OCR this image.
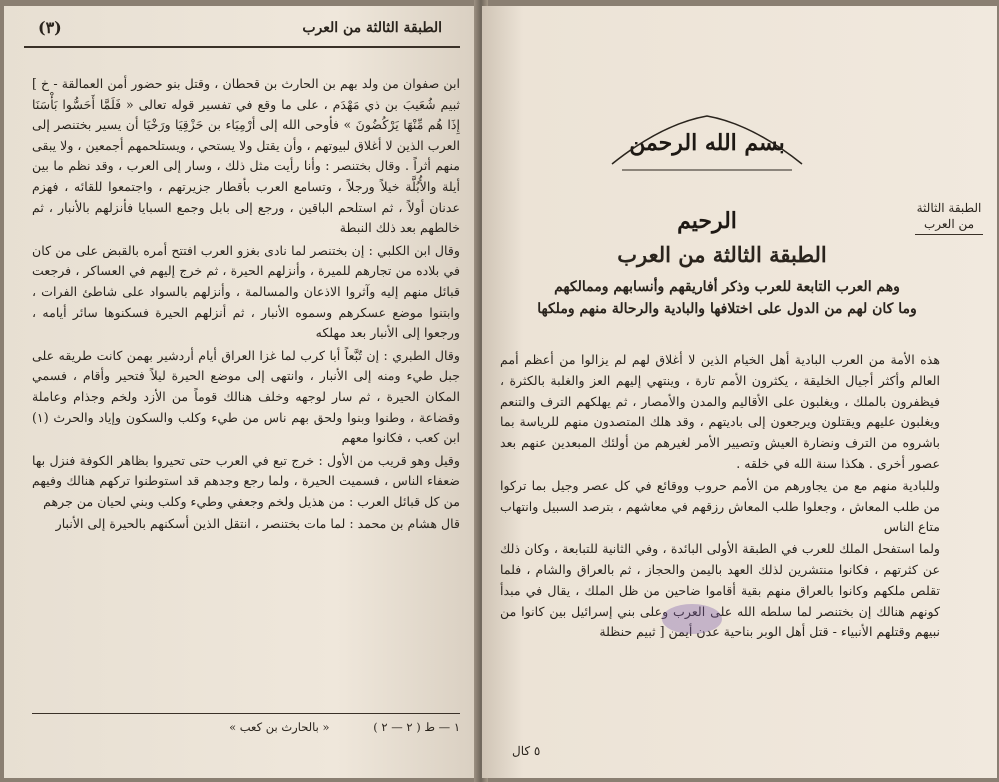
الطبقة الثالثة من العرب
(٣)

ابن صفوان من ولد بهم بن الحارث بن قحطان ، وقتل بنو حضور أمن العمالقة - خ ] ثبيم شُعَيبَ بن ذي مَهْدَم ، على ما وقع في تفسير قوله تعالى « فَلَمَّا أَحَسُّوا بَأْسَنَا إِذَا هُم مِّنْهَا يَرْكُضُونَ » فأوحى الله إلى أرْمِيَاء بن حَزْقِيَا ورَخْيَا أن يسير بختنصر إلى العرب الذين لا أغلاق لبيوتهم ، وأن يقتل ولا يستحي ، ويستلحمهم أجمعين ، ولا يبقى منهم أثراً . وقال بختنصر : وأنا رأيت مثل ذلك ، وسار إلى العرب ، وقد نظم ما بين أيلة والأُبُلَّة خيلاً ورجلاً ، وتسامع العرب بأقطار جزيرتهم ، واجتمعوا للقائه ، فهزم عدنان أولاً ، ثم استلحم الباقين ، ورجع إلى بابل وجمع السبايا فأنزلهم بالأنبار ، ثم خالطهم بعد ذلك النبطة

وقال ابن الكلبي : إن بختنصر لما نادى بغزو العرب افتتح أمره بالقبض على من كان في بلاده من تجارهم للميرة ، وأنزلهم الحيرة ، ثم خرج إليهم في العساكر ، فرجعت قبائل منهم إليه وآثروا الاذعان والمسالمة ، وأنزلهم بالسواد على شاطئ الفرات ، وابتنوا موضع عسكرهم وسموه الأنبار ، ثم أنزلهم الحيرة فسكنوها سائر أيامه ، ورجعوا إلى الأنبار بعد مهلكه

وقال الطبري : إن تُبَّعاً أبا كرب لما غزا العراق أيام أردشير بهمن كانت طريقه على جبل طيء ومنه إلى الأنبار ، وانتهى إلى موضع الحيرة ليلاً فتحير وأقام ، فسمي المكان الحيرة ، ثم سار لوجهه وخلف هنالك قوماً من الأزد ولخم وجذام وعاملة وقضاعة ، وطنوا وبنوا ولحق بهم ناس من طيء وكلب والسكون وإياد والحرث (١) ابن كعب ، فكانوا معهم

وقيل وهو قريب من الأول : خرج تبع في العرب حتى تحيروا بظاهر الكوفة فنزل بها ضعفاء الناس ، فسميت الحيرة ، ولما رجع وجدهم قد استوطنوا تركهم هنالك وفيهم من كل قبائل العرب : من هذيل ولخم وجعفي وطيء وكلب وبني لحيان من جرهم

قال هشام بن محمد : لما مات بختنصر ، انتقل الذين أسكنهم بالحيرة إلى الأنبار

١ — ط ( ٢ — ٢ ) « بالحارث بن كعب »
بسم الله الرحمن الرحيم	الطبقة الثالثة
من العرب
الطبقة الثالثة من العرب
وهم العرب التابعة للعرب وذكر أفاريقهم وأنسابهم وممالكهم
وما كان لهم من الدول على اختلافها والبادية والرحالة منهم وملكها

هذه الأمة من العرب البادية أهل الخيام الذين لا أغلاق لهم لم يزالوا من أعظم أمم العالم وأكثر أجيال الخليقة ، يكثرون الأمم تارة ، وينتهي إليهم العز والغلبة بالكثرة ، فيظفرون بالملك ، ويغلبون على الأقاليم والمدن والأمصار ، ثم يهلكهم الترف والتنعم ويغلبون عليهم ويقتلون ويرجعون إلى باديتهم ، وقد هلك المتصدون منهم للرياسة بما باشروه من الترف ونضارة العيش وتصيير الأمر لغيرهم من أولئك المبعدين عنهم بعد عصور أخرى . هكذا سنة الله في خلقه .

وللبادية منهم مع من يجاورهم من الأمم حروب ووقائع في كل عصر وجيل بما تركوا من طلب المعاش ، وجعلوا طلب المعاش رزقهم في معاشهم ، بترصد السبيل وانتهاب متاع الناس

ولما استفحل الملك للعرب في الطبقة الأولى البائدة ، وفي الثانية للتبابعة ، وكان ذلك عن كثرتهم ، فكانوا منتشرين لذلك العهد باليمن والحجاز ، ثم بالعراق والشام ، فلما تقلص ملكهم وكانوا بالعراق منهم بقية أقاموا ضاحين من ظل الملك ، يقال في مبدأ كونهم هنالك إن بختنصر لما سلطه الله على العرب وعلى بني إسرائيل بين كانوا من نبيهم وقتلهم الأنبياء - قتل أهل الوبر بناحية عدن أيمن [ ثبيم حنظلة

٥ كال
